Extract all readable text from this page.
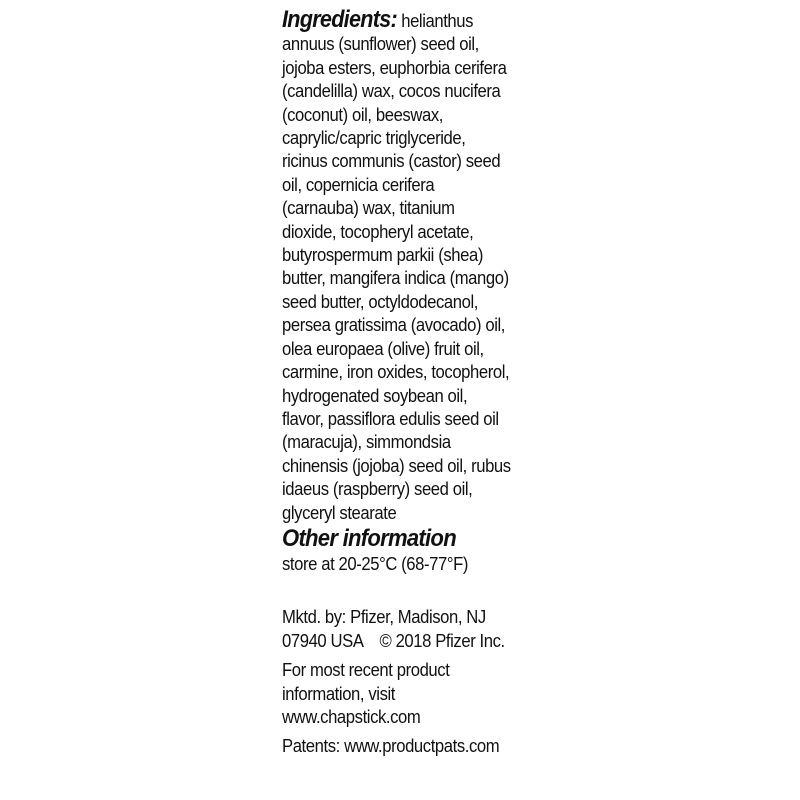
Ingredients: helianthus
annuus (sunflower) seed oil,
jojoba esters, euphorbia cerifera
(candelilla) wax, cocos nucifera
(coconut) oil, beeswax,
caprylic/capric triglyceride,
ricinus communis (castor) seed
oil, copernicia cerifera
(carnauba) wax, titanium
dioxide, tocopheryl acetate,
butyrospermum parkii (shea)
butter, mangifera indica (mango)
seed butter, octyldodecanol,
persea gratissima (avocado) oil,
olea europaea (olive) fruit oil,
carmine, iron oxides, tocopherol,
hydrogenated soybean oil,
flavor, passiflora edulis seed oil
(maracuja), simmondsia
chinensis (jojoba) seed oil, rubus
idaeus (raspberry) seed oil,
glyceryl stearate
Other information
store at 20-25°C (68-77°F)
Mktd. by: Pfizer, Madison, NJ
07940 USA    © 2018 Pfizer Inc.
For most recent product
information, visit
www.chapstick.com
Patents: www.productpats.com
